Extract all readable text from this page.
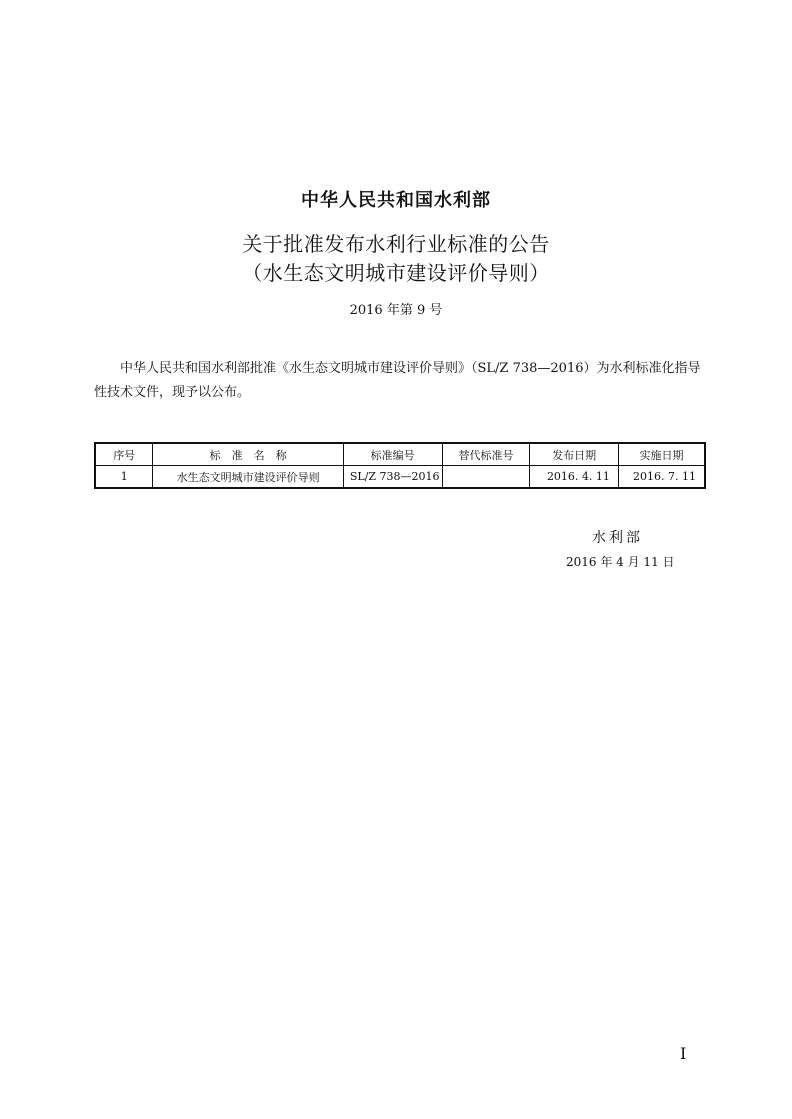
中华人民共和国水利部
关于批准发布水利行业标准的公告
（水生态文明城市建设评价导则）
2016 年第 9 号

中华人民共和国水利部批准《水生态文明城市建设评价导则》（SL/Z 738—2016）为水利标准化指导性技术文件，现予以公布。

序号	标　准　名　称	标准编号	替代标准号	发布日期	实施日期
1	水生态文明城市建设评价导则	SL/Z 738—2016		2016. 4. 11	2016. 7. 11
水利部
2016 年 4 月 11 日
I
